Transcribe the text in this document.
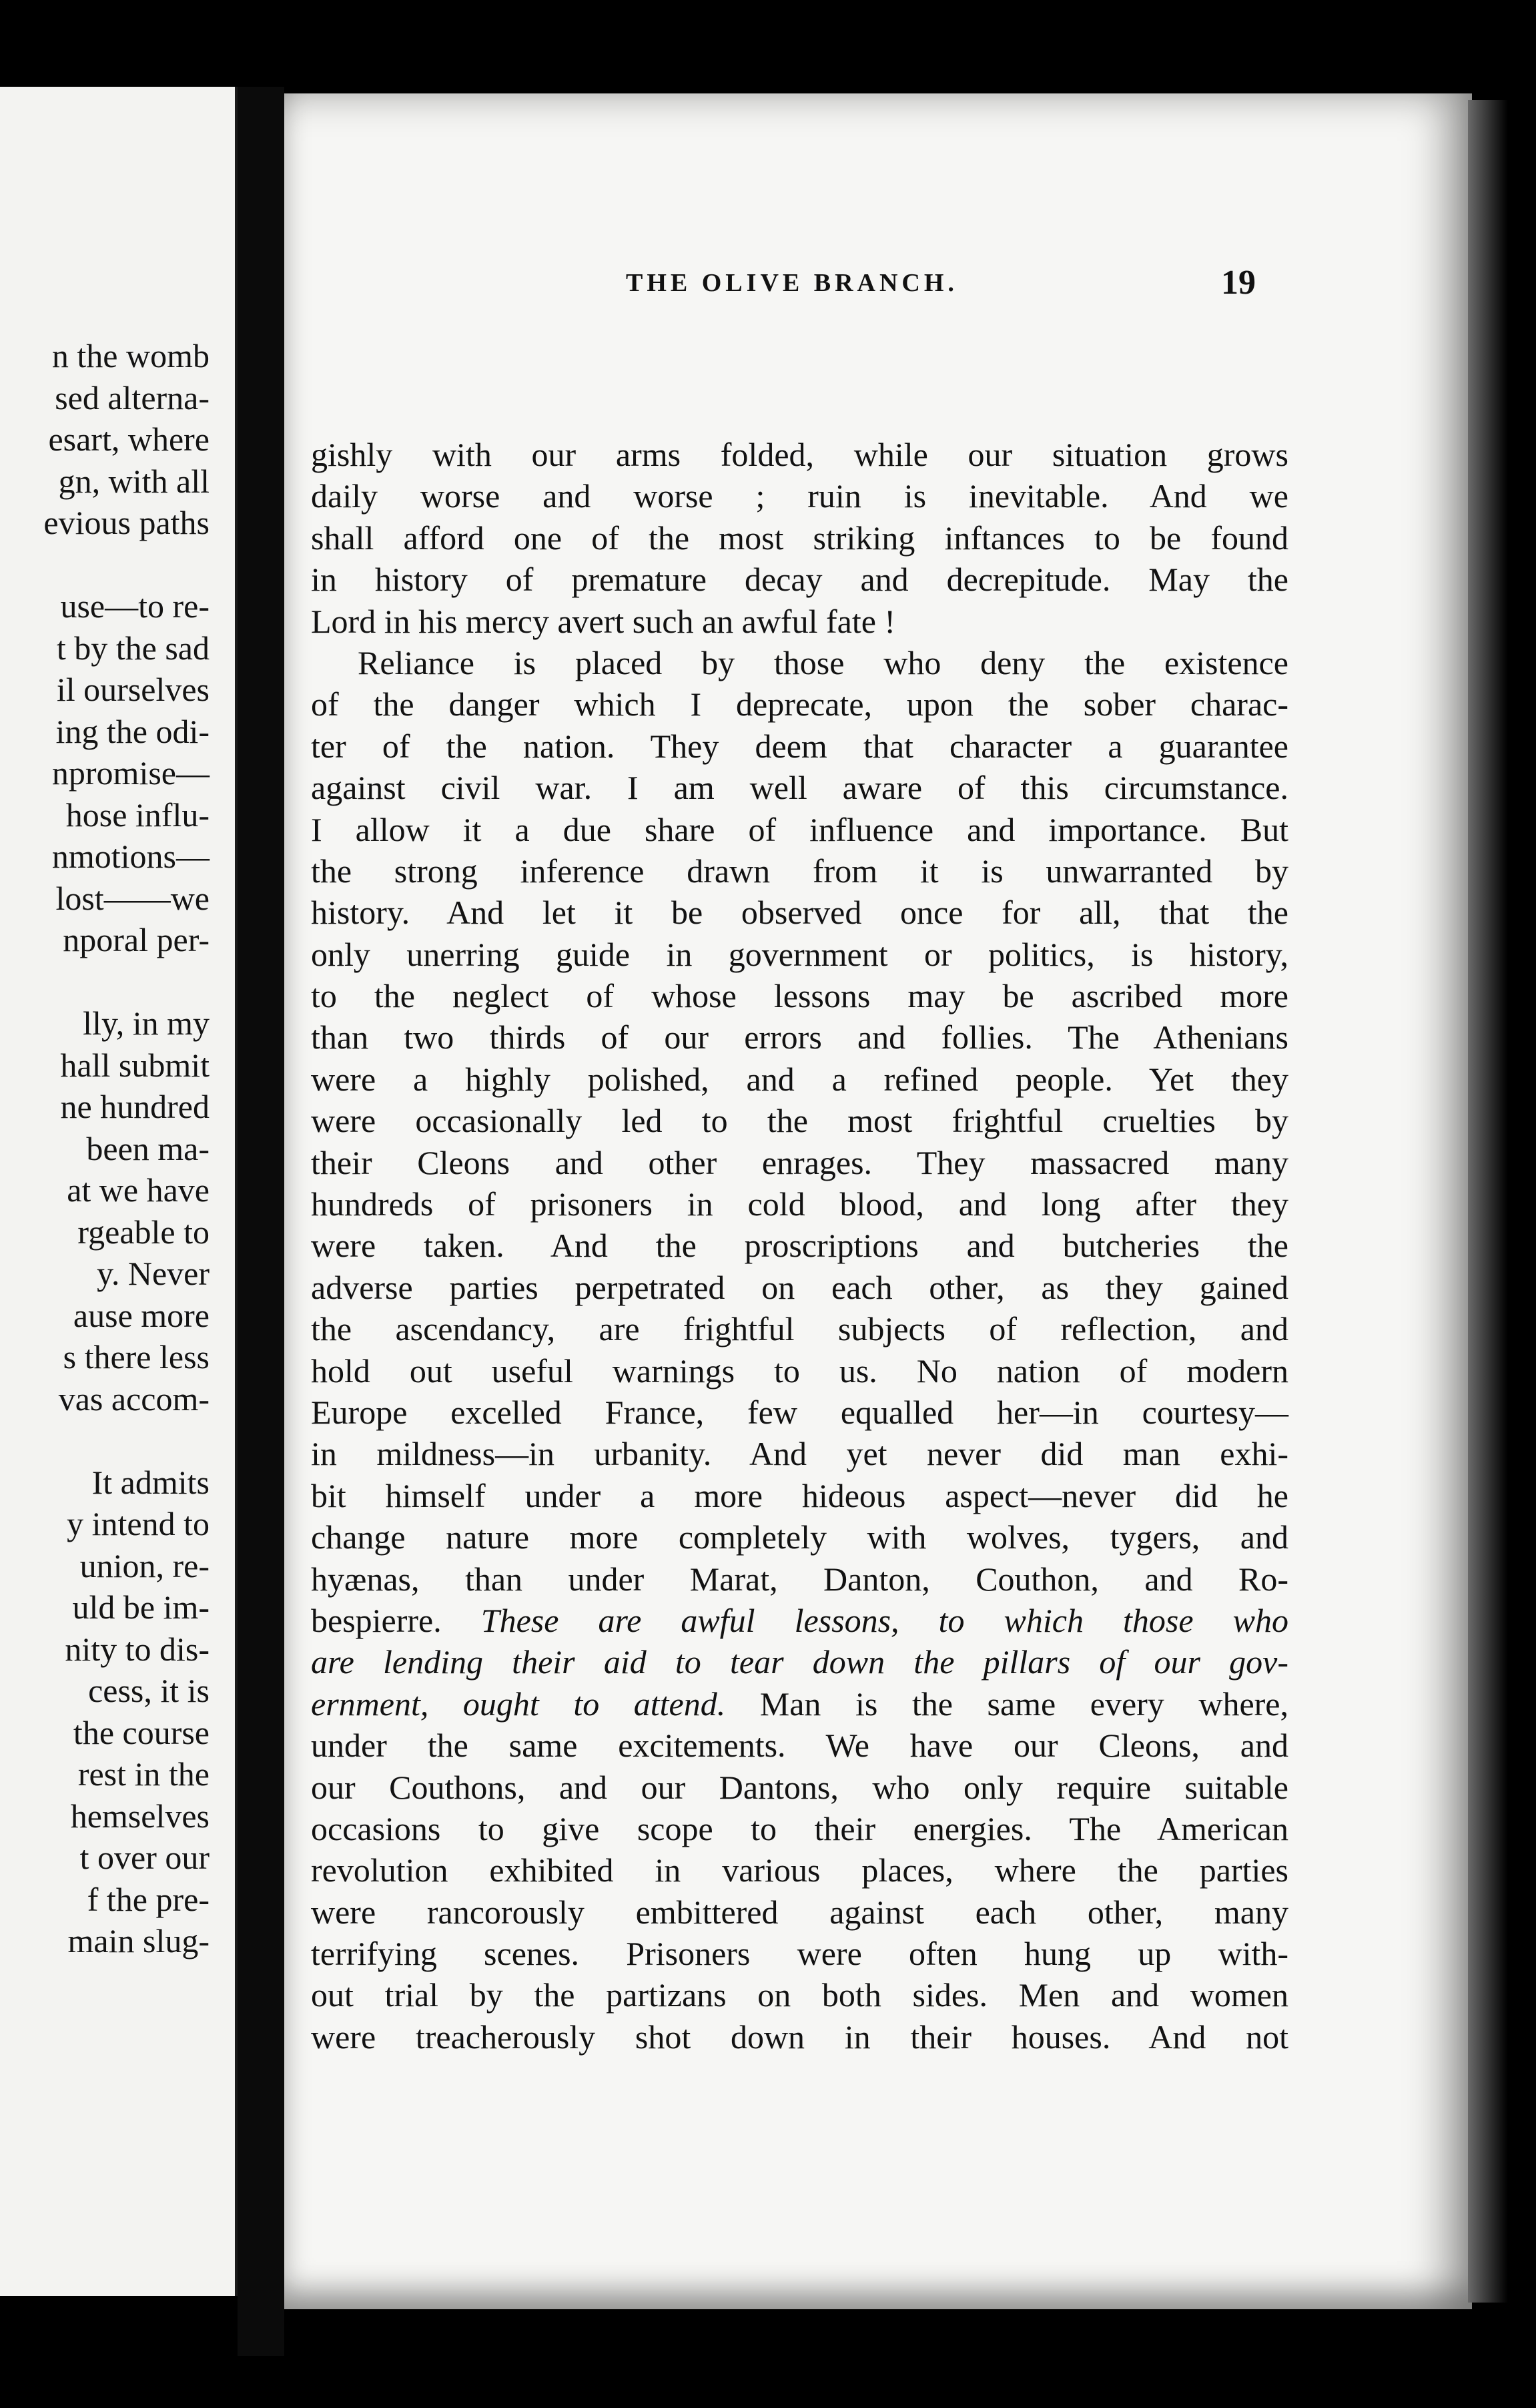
n the womb
sed alterna-
esart, where
gn, with all
evious paths
use—to re-
t by the sad
il ourselves
ing the odi-
npromise—
hose influ-
nmotions—
lost——we
nporal per-
lly, in my
hall submit
ne hundred
been ma-
at we have
rgeable to
y. Never
ause more
s there less
vas accom-
It admits
y intend to
union, re-
uld be im-
nity to dis-
cess, it is
the course
rest in the
hemselves
t over our
f the pre-
main slug-
THE OLIVE BRANCH.	19
gishly with our arms folded, while our situation grows
daily worse and worse ; ruin is inevitable. And we
shall afford one of the most striking inftances to be found
in history of premature decay and decrepitude. May the
Lord in his mercy avert such an awful fate !
Reliance is placed by those who deny the existence
of the danger which I deprecate, upon the sober charac-
ter of the nation. They deem that character a guarantee
against civil war. I am well aware of this circumstance.
I allow it a due share of influence and importance. But
the strong inference drawn from it is unwarranted by
history. And let it be observed once for all, that the
only unerring guide in government or politics, is history,
to the neglect of whose lessons may be ascribed more
than two thirds of our errors and follies. The Athenians
were a highly polished, and a refined people. Yet they
were occasionally led to the most frightful cruelties by
their Cleons and other enrages. They massacred many
hundreds of prisoners in cold blood, and long after they
were taken. And the proscriptions and butcheries the
adverse parties perpetrated on each other, as they gained
the ascendancy, are frightful subjects of reflection, and
hold out useful warnings to us. No nation of modern
Europe excelled France, few equalled her—in courtesy—
in mildness—in urbanity. And yet never did man exhi-
bit himself under a more hideous aspect—never did he
change nature more completely with wolves, tygers, and
hyænas, than under Marat, Danton, Couthon, and Ro-
bespierre. These are awful lessons, to which those who
are lending their aid to tear down the pillars of our gov-
ernment, ought to attend. Man is the same every where,
under the same excitements. We have our Cleons, and
our Couthons, and our Dantons, who only require suitable
occasions to give scope to their energies. The American
revolution exhibited in various places, where the parties
were rancorously embittered against each other, many
terrifying scenes. Prisoners were often hung up with-
out trial by the partizans on both sides. Men and women
were treacherously shot down in their houses. And not
